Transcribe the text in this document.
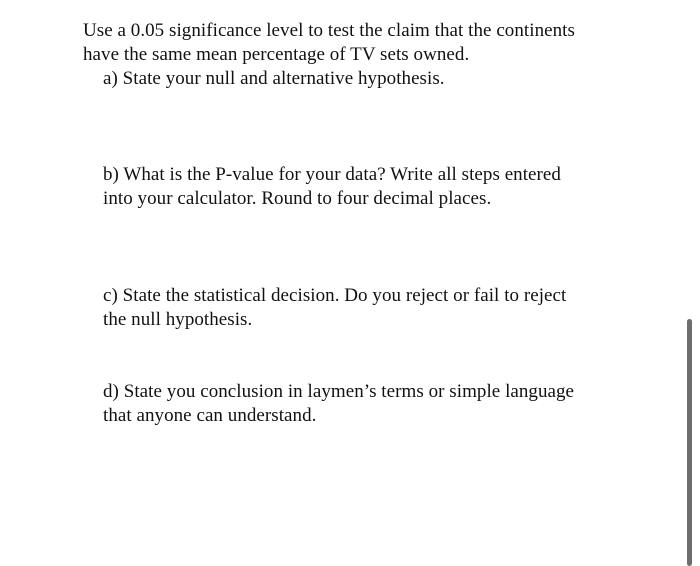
Use a 0.05 significance level to test the claim that the continents
have the same mean percentage of TV sets owned.
a) State your null and alternative hypothesis.
b) What is the P-value for your data? Write all steps entered
into your calculator. Round to four decimal places.
c) State the statistical decision. Do you reject or fail to reject
the null hypothesis.
d) State you conclusion in laymen’s terms or simple language
that anyone can understand.
